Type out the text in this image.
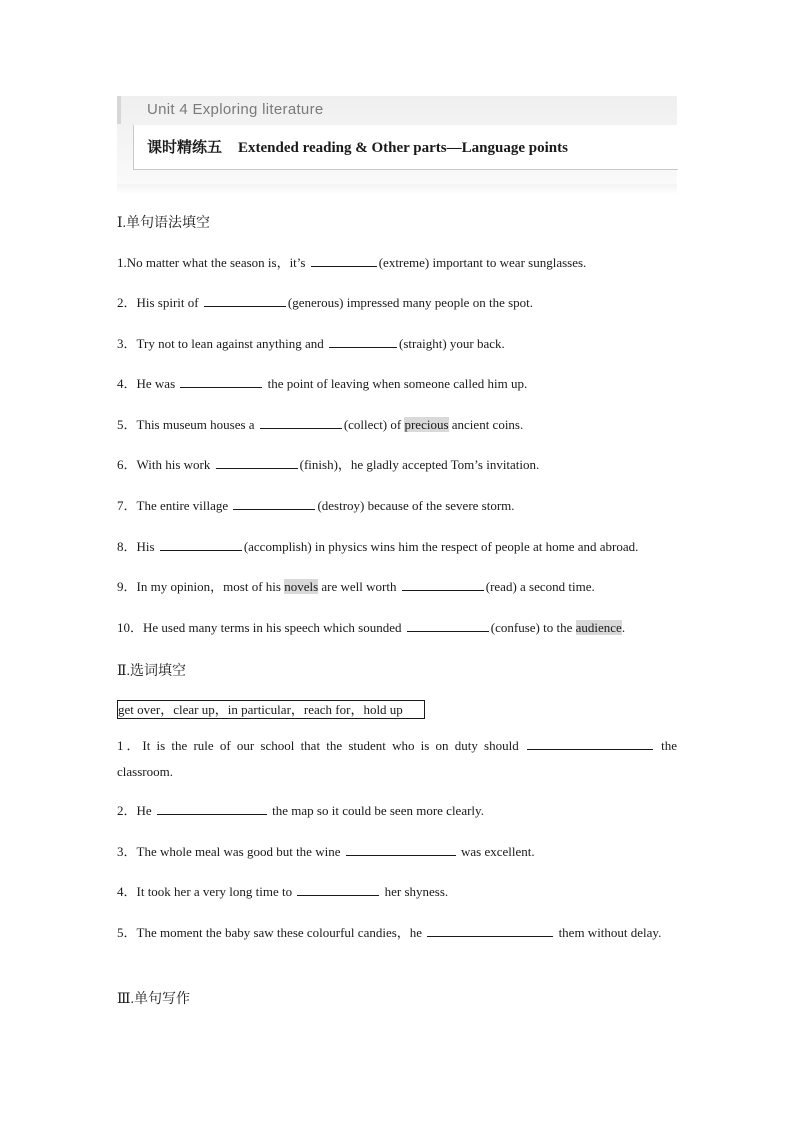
Unit 4 Exploring literature
课时精练五 Extended reading & Other parts—Language points
Ⅰ.单句语法填空
1.No matter what the season is，it’s	(extreme) important to wear sunglasses.
2．His spirit of	(generous) impressed many people on the spot.
3．Try not to lean against anything and	(straight) your back.
4．He was	the point of leaving when someone called him up.
5．This museum houses a	(collect) of precious ancient coins.
6．With his work	(finish)，he gladly accepted Tom’s invitation.
7．The entire village	(destroy) because of the severe storm.
8．His	(accomplish) in physics wins him the respect of people at home and abroad.
9．In my opinion，most of his novels are well worth	(read) a second time.
10．He used many terms in his speech which sounded	(confuse) to the audience.
Ⅱ.选词填空
get over，clear up，in particular，reach for，hold up
1．It is the rule of our school that the student who is on duty should	the classroom.
2．He	the map so it could be seen more clearly.
3．The whole meal was good but the wine	was excellent.
4．It took her a very long time to	her shyness.
5．The moment the baby saw these colourful candies，he	them without delay.
Ⅲ.单句写作
